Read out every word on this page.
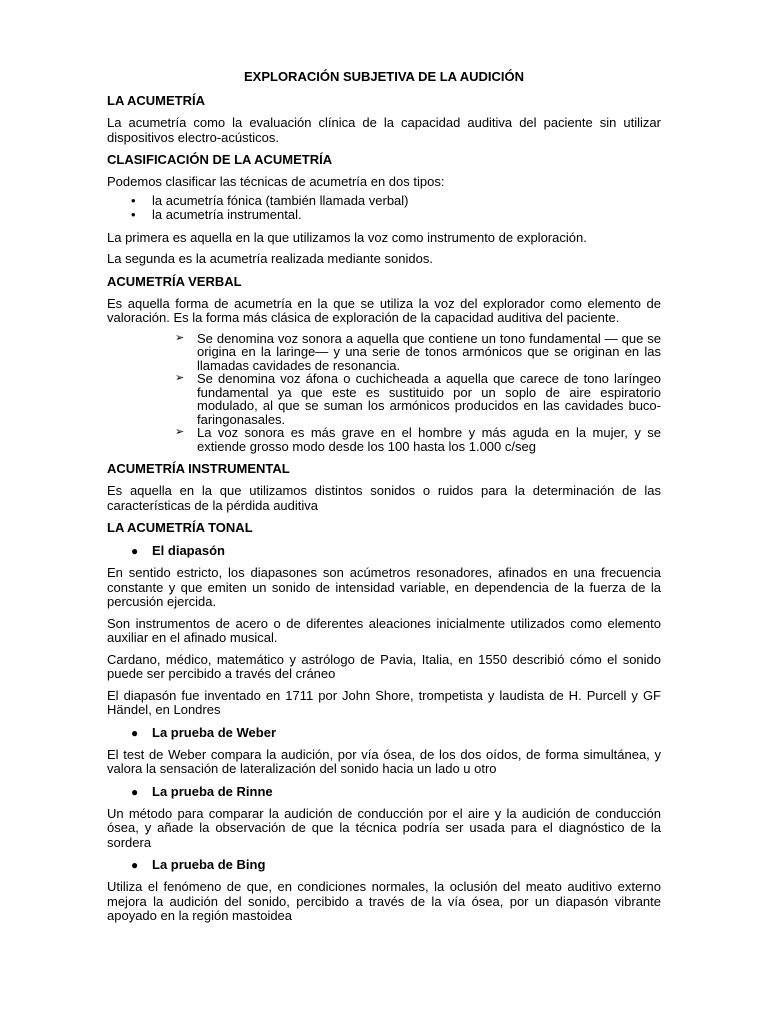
EXPLORACIÓN SUBJETIVA DE LA AUDICIÓN
LA ACUMETRÍA

La acumetría como la evaluación clínica de la capacidad auditiva del paciente sin utilizar dispositivos electro-acústicos.

CLASIFICACIÓN DE LA ACUMETRÍA

Podemos clasificar las técnicas de acumetría en dos tipos:

• la acumetría fónica (también llamada verbal)
• la acumetría instrumental.

La primera es aquella en la que utilizamos la voz como instrumento de exploración.

La segunda es la acumetría realizada mediante sonidos.

ACUMETRÍA VERBAL

Es aquella forma de acumetría en la que se utiliza la voz del explorador como elemento de valoración. Es la forma más clásica de exploración de la capacidad auditiva del paciente.

➢ Se denomina voz sonora a aquella que contiene un tono fundamental — que se origina en la laringe— y una serie de tonos armónicos que se originan en las llamadas cavidades de resonancia.
➢ Se denomina voz áfona o cuchicheada a aquella que carece de tono laríngeo fundamental ya que este es sustituido por un soplo de aire espiratorio modulado, al que se suman los armónicos producidos en las cavidades buco-faringonasales.
➢ La voz sonora es más grave en el hombre y más aguda en la mujer, y se extiende grosso modo desde los 100 hasta los 1.000 c/seg
ACUMETRÍA INSTRUMENTAL

Es aquella en la que utilizamos distintos sonidos o ruidos para la determinación de las características de la pérdida auditiva

LA ACUMETRÍA TONAL
●	El diapasón

En sentido estricto, los diapasones son acúmetros resonadores, afinados en una frecuencia constante y que emiten un sonido de intensidad variable, en dependencia de la fuerza de la percusión ejercida.

Son instrumentos de acero o de diferentes aleaciones inicialmente utilizados como elemento auxiliar en el afinado musical.

Cardano, médico, matemático y astrólogo de Pavia, Italia, en 1550 describió cómo el sonido puede ser percibido a través del cráneo

El diapasón fue inventado en 1711 por John Shore, trompetista y laudista de H. Purcell y GF Händel, en Londres

●	La prueba de Weber

El test de Weber compara la audición, por vía ósea, de los dos oídos, de forma simultánea, y valora la sensación de lateralización del sonido hacia un lado u otro

●	La prueba de Rinne

Un método para comparar la audición de conducción por el aire y la audición de conducción ósea, y añade la observación de que la técnica podría ser usada para el diagnóstico de la sordera

●	La prueba de Bing

Utiliza el fenómeno de que, en condiciones normales, la oclusión del meato auditivo externo mejora la audición del sonido, percibido a través de la vía ósea, por un diapasón vibrante apoyado en la región mastoidea
